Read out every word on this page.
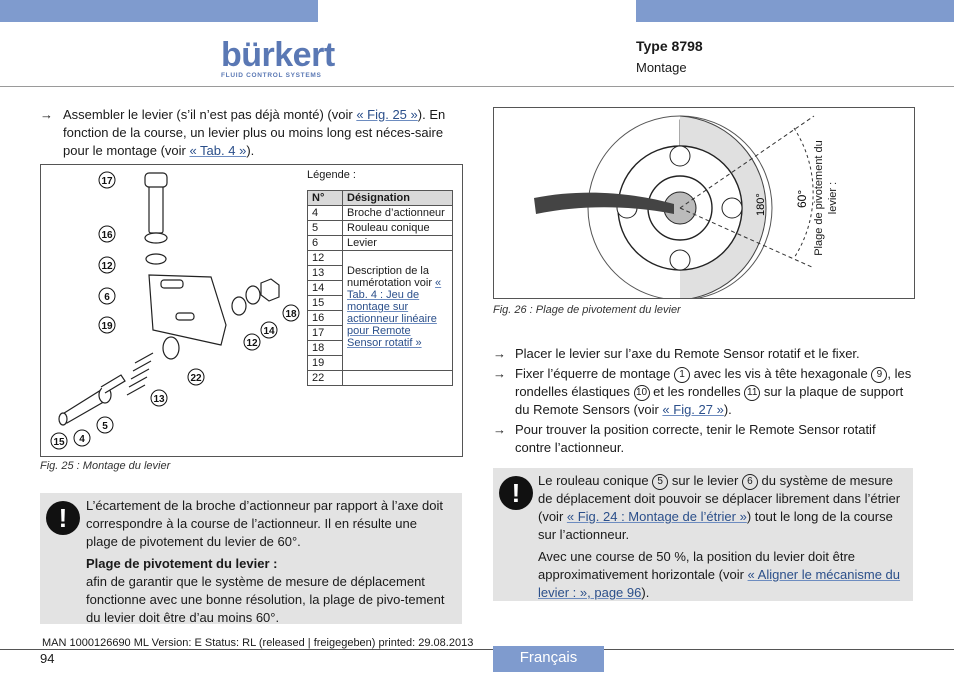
bürkert
FLUID CONTROL SYSTEMS
Type 8798
Montage
→ Assembler le levier (s’il n’est pas déjà monté) (voir « Fig. 25 »). En fonction de la course, un levier plus ou moins long est néces-saire pour le montage (voir « Tab. 4 »).
17
16
12
6
19	14
18
12
22
13
5
4
15
Légende :
N°	Désignation
4	Broche d’actionneur
5	Rouleau conique
6	Levier
12	Description de la numérotation voir « Tab. 4 : Jeu de montage sur actionneur linéaire pour Remote Sensor rotatif »
13	
14	
15	
16	
17	
18	
19	
22	
Fig. 25 : Montage du levier
!	L’écartement de la broche d’actionneur par rapport à l’axe doit correspondre à la course de l’actionneur. Il en résulte une plage de pivotement du levier de 60°.
Plage de pivotement du levier :
afin de garantir que le système de mesure de déplacement fonctionne avec une bonne résolution, la plage de pivo-tement du levier doit être d’au moins 60°.
180° 60° Plage de pivotement du levier :
Fig. 26 : Plage de pivotement du levier
→ Placer le levier sur l’axe du Remote Sensor rotatif et le fixer.
→ Fixer l’équerre de montage 1 avec les vis à tête hexagonale 9 , les rondelles élastiques 10 et les rondelles 11 sur la plaque de support du Remote Sensors (voir « Fig. 27 »).
→ Pour trouver la position correcte, tenir le Remote Sensor rotatif contre l’actionneur.
!	Le rouleau conique 5 sur le levier 6 du système de mesure de déplacement doit pouvoir se déplacer librement dans l’étrier (voir « Fig. 24 : Montage de l’étrier ») tout le long de la course sur l’actionneur.
Avec une course de 50 %, la position du levier doit être approximativement horizontale (voir « Aligner le mécanisme du levier : », page 96).
MAN 1000126690 ML Version: E Status: RL (released | freigegeben) printed: 29.08.2013
94	Français
